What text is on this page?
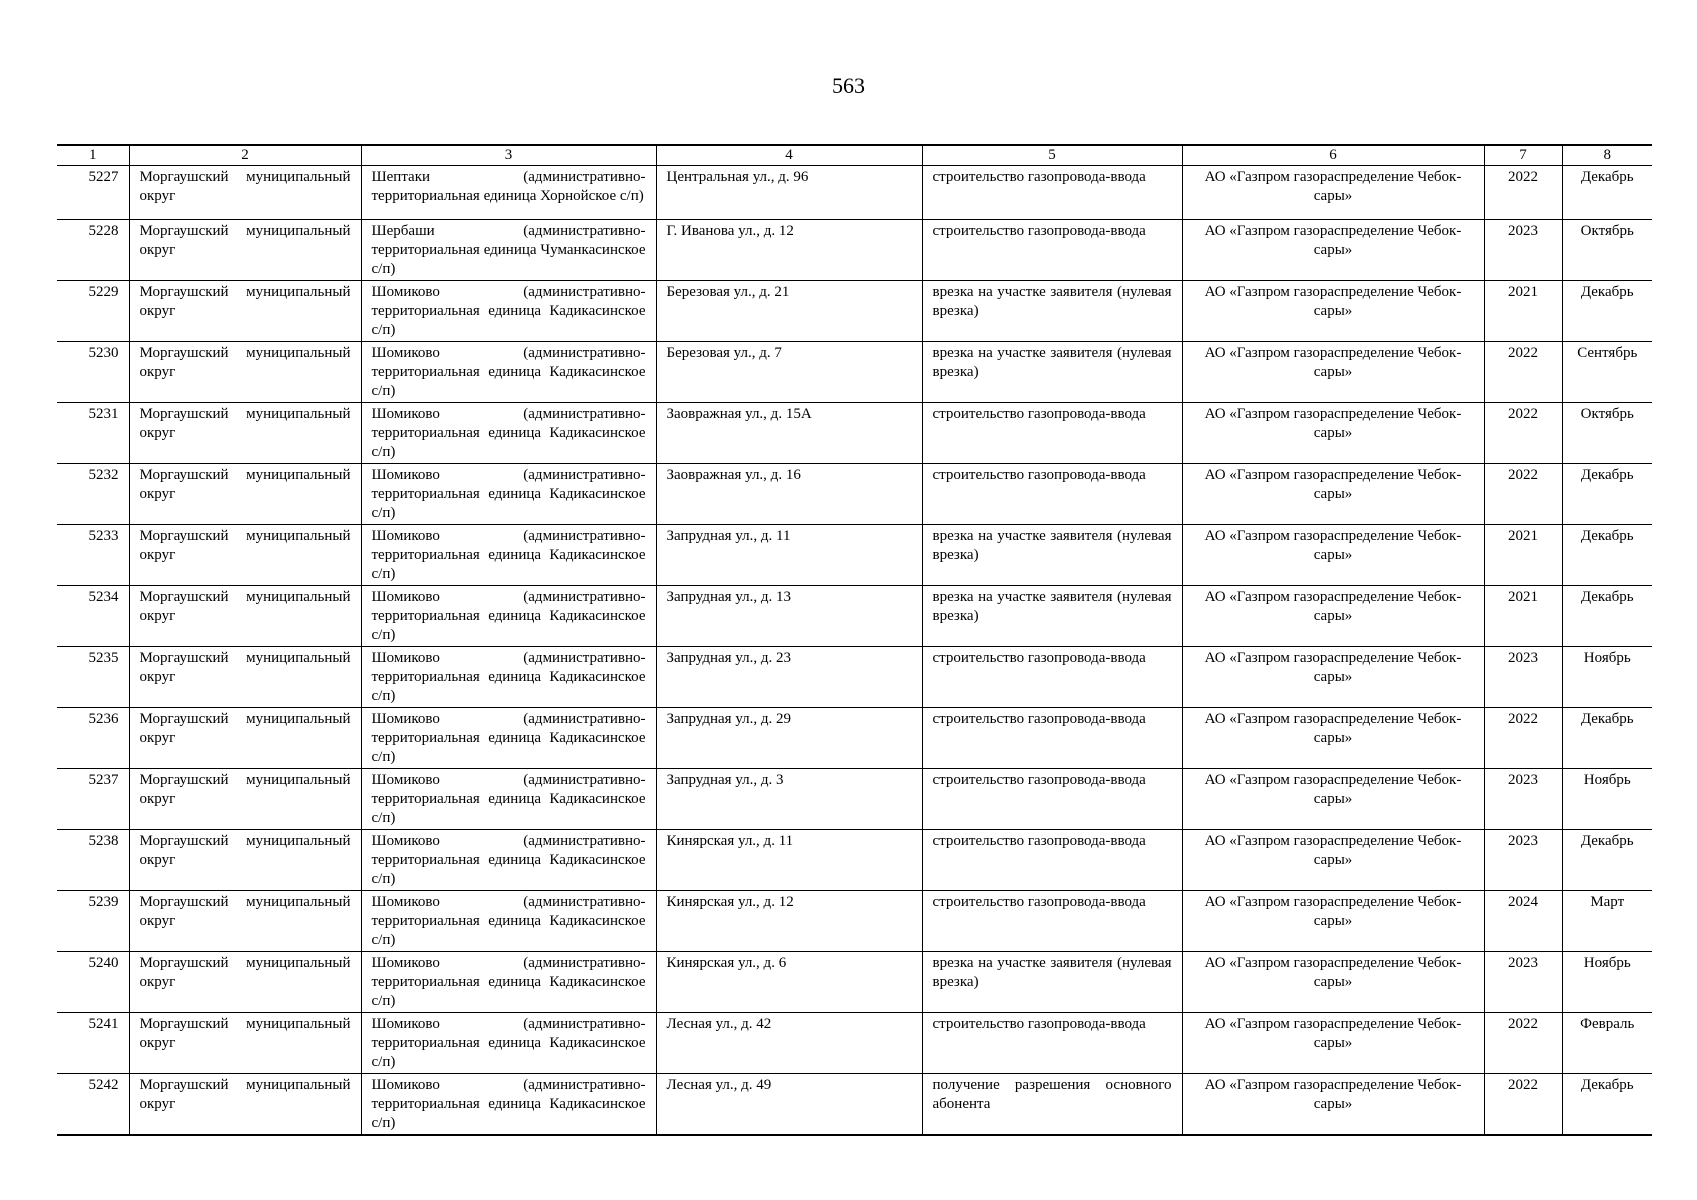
563
1	2	3	4	5	6	7	8
5227	Моргаушский муниципальный округ	Шептаки (административно-территориальная единица Хорнойское с/п)	Центральная ул., д. 96	строительство газопровода-ввода	АО «Газпром газораспределение Чебоксары»	2022	Декабрь
5228	Моргаушский муниципальный округ	Шербаши (административно-территориальная единица Чуманкасинское с/п)	Г. Иванова ул., д. 12	строительство газопровода-ввода	АО «Газпром газораспределение Чебоксары»	2023	Октябрь
5229	Моргаушский муниципальный округ	Шомиково (административно-территориальная единица Кадикасинское с/п)	Березовая ул., д. 21	врезка на участке заявителя (нулевая врезка)	АО «Газпром газораспределение Чебоксары»	2021	Декабрь
5230	Моргаушский муниципальный округ	Шомиково (административно-территориальная единица Кадикасинское с/п)	Березовая ул., д. 7	врезка на участке заявителя (нулевая врезка)	АО «Газпром газораспределение Чебоксары»	2022	Сентябрь
5231	Моргаушский муниципальный округ	Шомиково (административно-территориальная единица Кадикасинское с/п)	Заовражная ул., д. 15А	строительство газопровода-ввода	АО «Газпром газораспределение Чебоксары»	2022	Октябрь
5232	Моргаушский муниципальный округ	Шомиково (административно-территориальная единица Кадикасинское с/п)	Заовражная ул., д. 16	строительство газопровода-ввода	АО «Газпром газораспределение Чебоксары»	2022	Декабрь
5233	Моргаушский муниципальный округ	Шомиково (административно-территориальная единица Кадикасинское с/п)	Запрудная ул., д. 11	врезка на участке заявителя (нулевая врезка)	АО «Газпром газораспределение Чебоксары»	2021	Декабрь
5234	Моргаушский муниципальный округ	Шомиково (административно-территориальная единица Кадикасинское с/п)	Запрудная ул., д. 13	врезка на участке заявителя (нулевая врезка)	АО «Газпром газораспределение Чебоксары»	2021	Декабрь
5235	Моргаушский муниципальный округ	Шомиково (административно-территориальная единица Кадикасинское с/п)	Запрудная ул., д. 23	строительство газопровода-ввода	АО «Газпром газораспределение Чебоксары»	2023	Ноябрь
5236	Моргаушский муниципальный округ	Шомиково (административно-территориальная единица Кадикасинское с/п)	Запрудная ул., д. 29	строительство газопровода-ввода	АО «Газпром газораспределение Чебоксары»	2022	Декабрь
5237	Моргаушский муниципальный округ	Шомиково (административно-территориальная единица Кадикасинское с/п)	Запрудная ул., д. 3	строительство газопровода-ввода	АО «Газпром газораспределение Чебоксары»	2023	Ноябрь
5238	Моргаушский муниципальный округ	Шомиково (административно-территориальная единица Кадикасинское с/п)	Кинярская ул., д. 11	строительство газопровода-ввода	АО «Газпром газораспределение Чебоксары»	2023	Декабрь
5239	Моргаушский муниципальный округ	Шомиково (административно-территориальная единица Кадикасинское с/п)	Кинярская ул., д. 12	строительство газопровода-ввода	АО «Газпром газораспределение Чебоксары»	2024	Март
5240	Моргаушский муниципальный округ	Шомиково (административно-территориальная единица Кадикасинское с/п)	Кинярская ул., д. 6	врезка на участке заявителя (нулевая врезка)	АО «Газпром газораспределение Чебоксары»	2023	Ноябрь
5241	Моргаушский муниципальный округ	Шомиково (административно-территориальная единица Кадикасинское с/п)	Лесная ул., д. 42	строительство газопровода-ввода	АО «Газпром газораспределение Чебоксары»	2022	Февраль
5242	Моргаушский муниципальный округ	Шомиково (административно-территориальная единица Кадикасинское с/п)	Лесная ул., д. 49	получение разрешения основного абонента	АО «Газпром газораспределение Чебоксары»	2022	Декабрь
